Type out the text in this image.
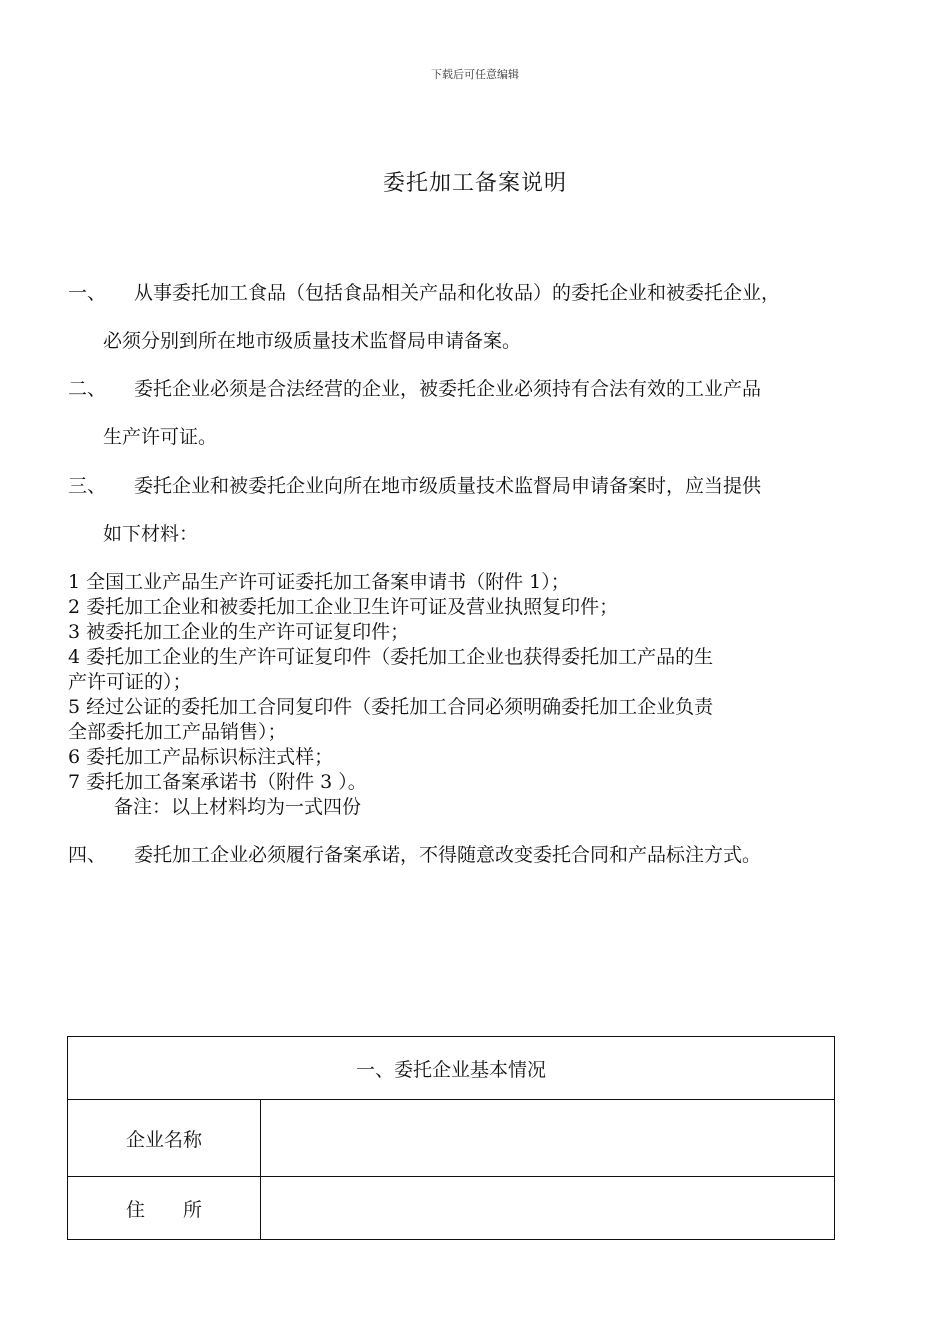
下载后可任意编辑
委托加工备案说明
一、 从事委托加工食品（包括食品相关产品和化妆品）的委托企业和被委托企业，
必须分别到所在地市级质量技术监督局申请备案。
二、 委托企业必须是合法经营的企业，被委托企业必须持有合法有效的工业产品
生产许可证。
三、 委托企业和被委托企业向所在地市级质量技术监督局申请备案时，应当提供
如下材料：
1 全国工业产品生产许可证委托加工备案申请书（附件 1）；
2 委托加工企业和被委托加工企业卫生许可证及营业执照复印件；
3 被委托加工企业的生产许可证复印件；
4 委托加工企业的生产许可证复印件（委托加工企业也获得委托加工产品的生
产许可证的）；
5 经过公证的委托加工合同复印件（委托加工合同必须明确委托加工企业负责
全部委托加工产品销售）；
6 委托加工产品标识标注式样；
7 委托加工备案承诺书（附件 3 ）。
备注：以上材料均为一式四份
四、 委托加工企业必须履行备案承诺，不得随意改变委托合同和产品标注方式。
一、委托企业基本情况	
企业名称	
住　　所	
